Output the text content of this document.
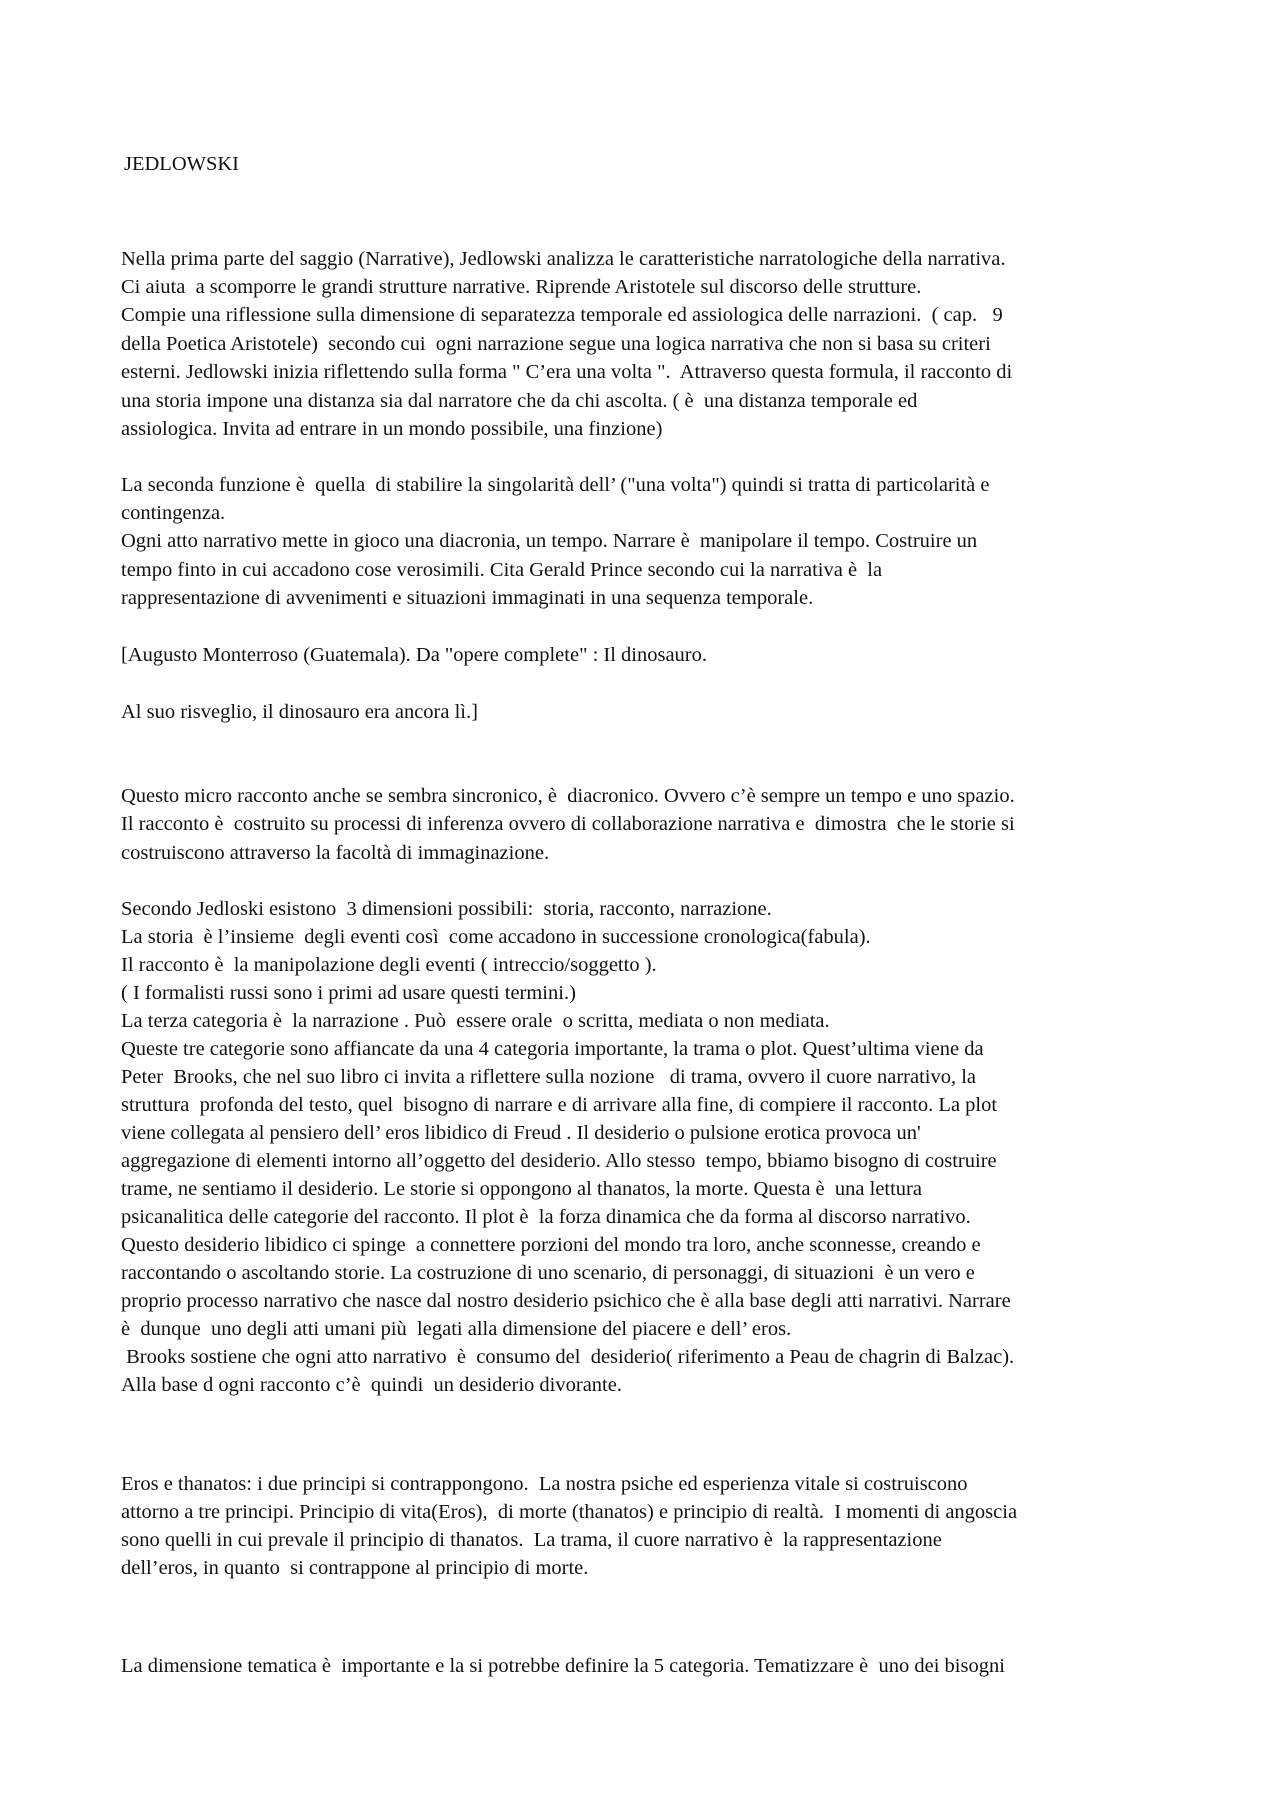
JEDLOWSKI
Nella prima parte del saggio (Narrative), Jedlowski analizza le caratteristiche narratologiche della narrativa.
Ci aiuta  a scomporre le grandi strutture narrative. Riprende Aristotele sul discorso delle strutture.
Compie una riflessione sulla dimensione di separatezza temporale ed assiologica delle narrazioni.  ( cap.   9
della Poetica Aristotele)  secondo cui  ogni narrazione segue una logica narrativa che non si basa su criteri
esterni. Jedlowski inizia riflettendo sulla forma " C’era una volta ".  Attraverso questa formula, il racconto di
una storia impone una distanza sia dal narratore che da chi ascolta. ( è  una distanza temporale ed
assiologica. Invita ad entrare in un mondo possibile, una finzione)
La seconda funzione è  quella  di stabilire la singolarità dell’ ("una volta") quindi si tratta di particolarità e
contingenza.
Ogni atto narrativo mette in gioco una diacronia, un tempo. Narrare è  manipolare il tempo. Costruire un
tempo finto in cui accadono cose verosimili. Cita Gerald Prince secondo cui la narrativa è  la
rappresentazione di avvenimenti e situazioni immaginati in una sequenza temporale.
[Augusto Monterroso (Guatemala). Da "opere complete" : Il dinosauro.
Al suo risveglio, il dinosauro era ancora lì.]
Questo micro racconto anche se sembra sincronico, è  diacronico. Ovvero c’è sempre un tempo e uno spazio.
Il racconto è  costruito su processi di inferenza ovvero di collaborazione narrativa e  dimostra  che le storie si
costruiscono attraverso la facoltà di immaginazione.
Secondo Jedloski esistono  3 dimensioni possibili:  storia, racconto, narrazione.
La storia  è l’insieme  degli eventi così  come accadono in successione cronologica(fabula).
Il racconto è  la manipolazione degli eventi ( intreccio/soggetto ).
( I formalisti russi sono i primi ad usare questi termini.)
La terza categoria è  la narrazione . Può  essere orale  o scritta, mediata o non mediata.
Queste tre categorie sono affiancate da una 4 categoria importante, la trama o plot. Quest’ultima viene da
Peter  Brooks, che nel suo libro ci invita a riflettere sulla nozione   di trama, ovvero il cuore narrativo, la
struttura  profonda del testo, quel  bisogno di narrare e di arrivare alla fine, di compiere il racconto. La plot
viene collegata al pensiero dell’ eros libidico di Freud . Il desiderio o pulsione erotica provoca un'
aggregazione di elementi intorno all’oggetto del desiderio. Allo stesso  tempo, bbiamo bisogno di costruire
trame, ne sentiamo il desiderio. Le storie si oppongono al thanatos, la morte. Questa è  una lettura
psicanalitica delle categorie del racconto. Il plot è  la forza dinamica che da forma al discorso narrativo.
Questo desiderio libidico ci spinge  a connettere porzioni del mondo tra loro, anche sconnesse, creando e
raccontando o ascoltando storie. La costruzione di uno scenario, di personaggi, di situazioni  è un vero e
proprio processo narrativo che nasce dal nostro desiderio psichico che è alla base degli atti narrativi. Narrare
è  dunque  uno degli atti umani più  legati alla dimensione del piacere e dell’ eros.
Brooks sostiene che ogni atto narrativo  è  consumo del  desiderio( riferimento a Peau de chagrin di Balzac).
Alla base d ogni racconto c’è  quindi  un desiderio divorante.
Eros e thanatos: i due principi si contrappongono.  La nostra psiche ed esperienza vitale si costruiscono
attorno a tre principi. Principio di vita(Eros),  di morte (thanatos) e principio di realtà.  I momenti di angoscia
sono quelli in cui prevale il principio di thanatos.  La trama, il cuore narrativo è  la rappresentazione
dell’eros, in quanto  si contrappone al principio di morte.
La dimensione tematica è  importante e la si potrebbe definire la 5 categoria. Tematizzare è  uno dei bisogni
